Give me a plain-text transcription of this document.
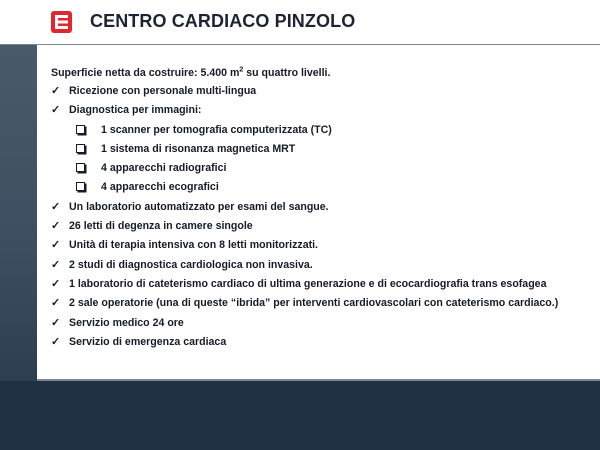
CENTRO CARDIACO PINZOLO
Superficie netta da costruire: 5.400 $m^2$ su quattro livelli.
✓ Ricezione con personale multi-lingua
✓ Diagnostica per immagini:
1 scanner per tomografia computerizzata (TC)
1 sistema di risonanza magnetica MRT
4 apparecchi radiografici
4 apparecchi ecografici
✓ Un laboratorio automatizzato per esami del sangue.
✓ 26 letti di degenza in camere singole
✓ Unità di terapia intensiva con 8 letti monitorizzati.
✓ 2 studi di diagnostica cardiologica non invasiva.
✓ 1 laboratorio di cateterismo cardiaco di ultima generazione e di ecocardiografia trans esofagea
✓ 2 sale operatorie (una di queste “ibrida” per interventi cardiovascolari con cateterismo cardiaco.)
✓ Servizio medico 24 ore
✓ Servizio di emergenza cardiaca
